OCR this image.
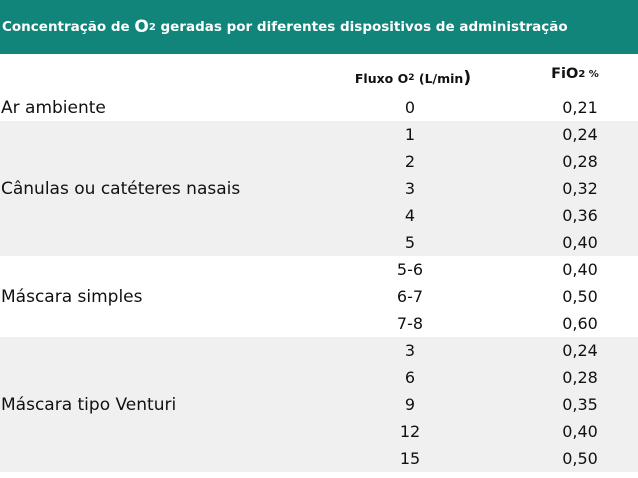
Concentração de O 2 geradas por diferentes dispositivos de administração
Fluxo O 2 (L/min )	FiO 2 %
Ar ambiente	0	0,21
Cânulas ou catéteres nasais
1	0,24
2	0,28
3	0,32
4	0,36
5	0,40
Máscara simples
5-6	0,40
6-7	0,50
7-8	0,60
Máscara tipo Venturi
3	0,24
6	0,28
9	0,35
12	0,40
15	0,50
